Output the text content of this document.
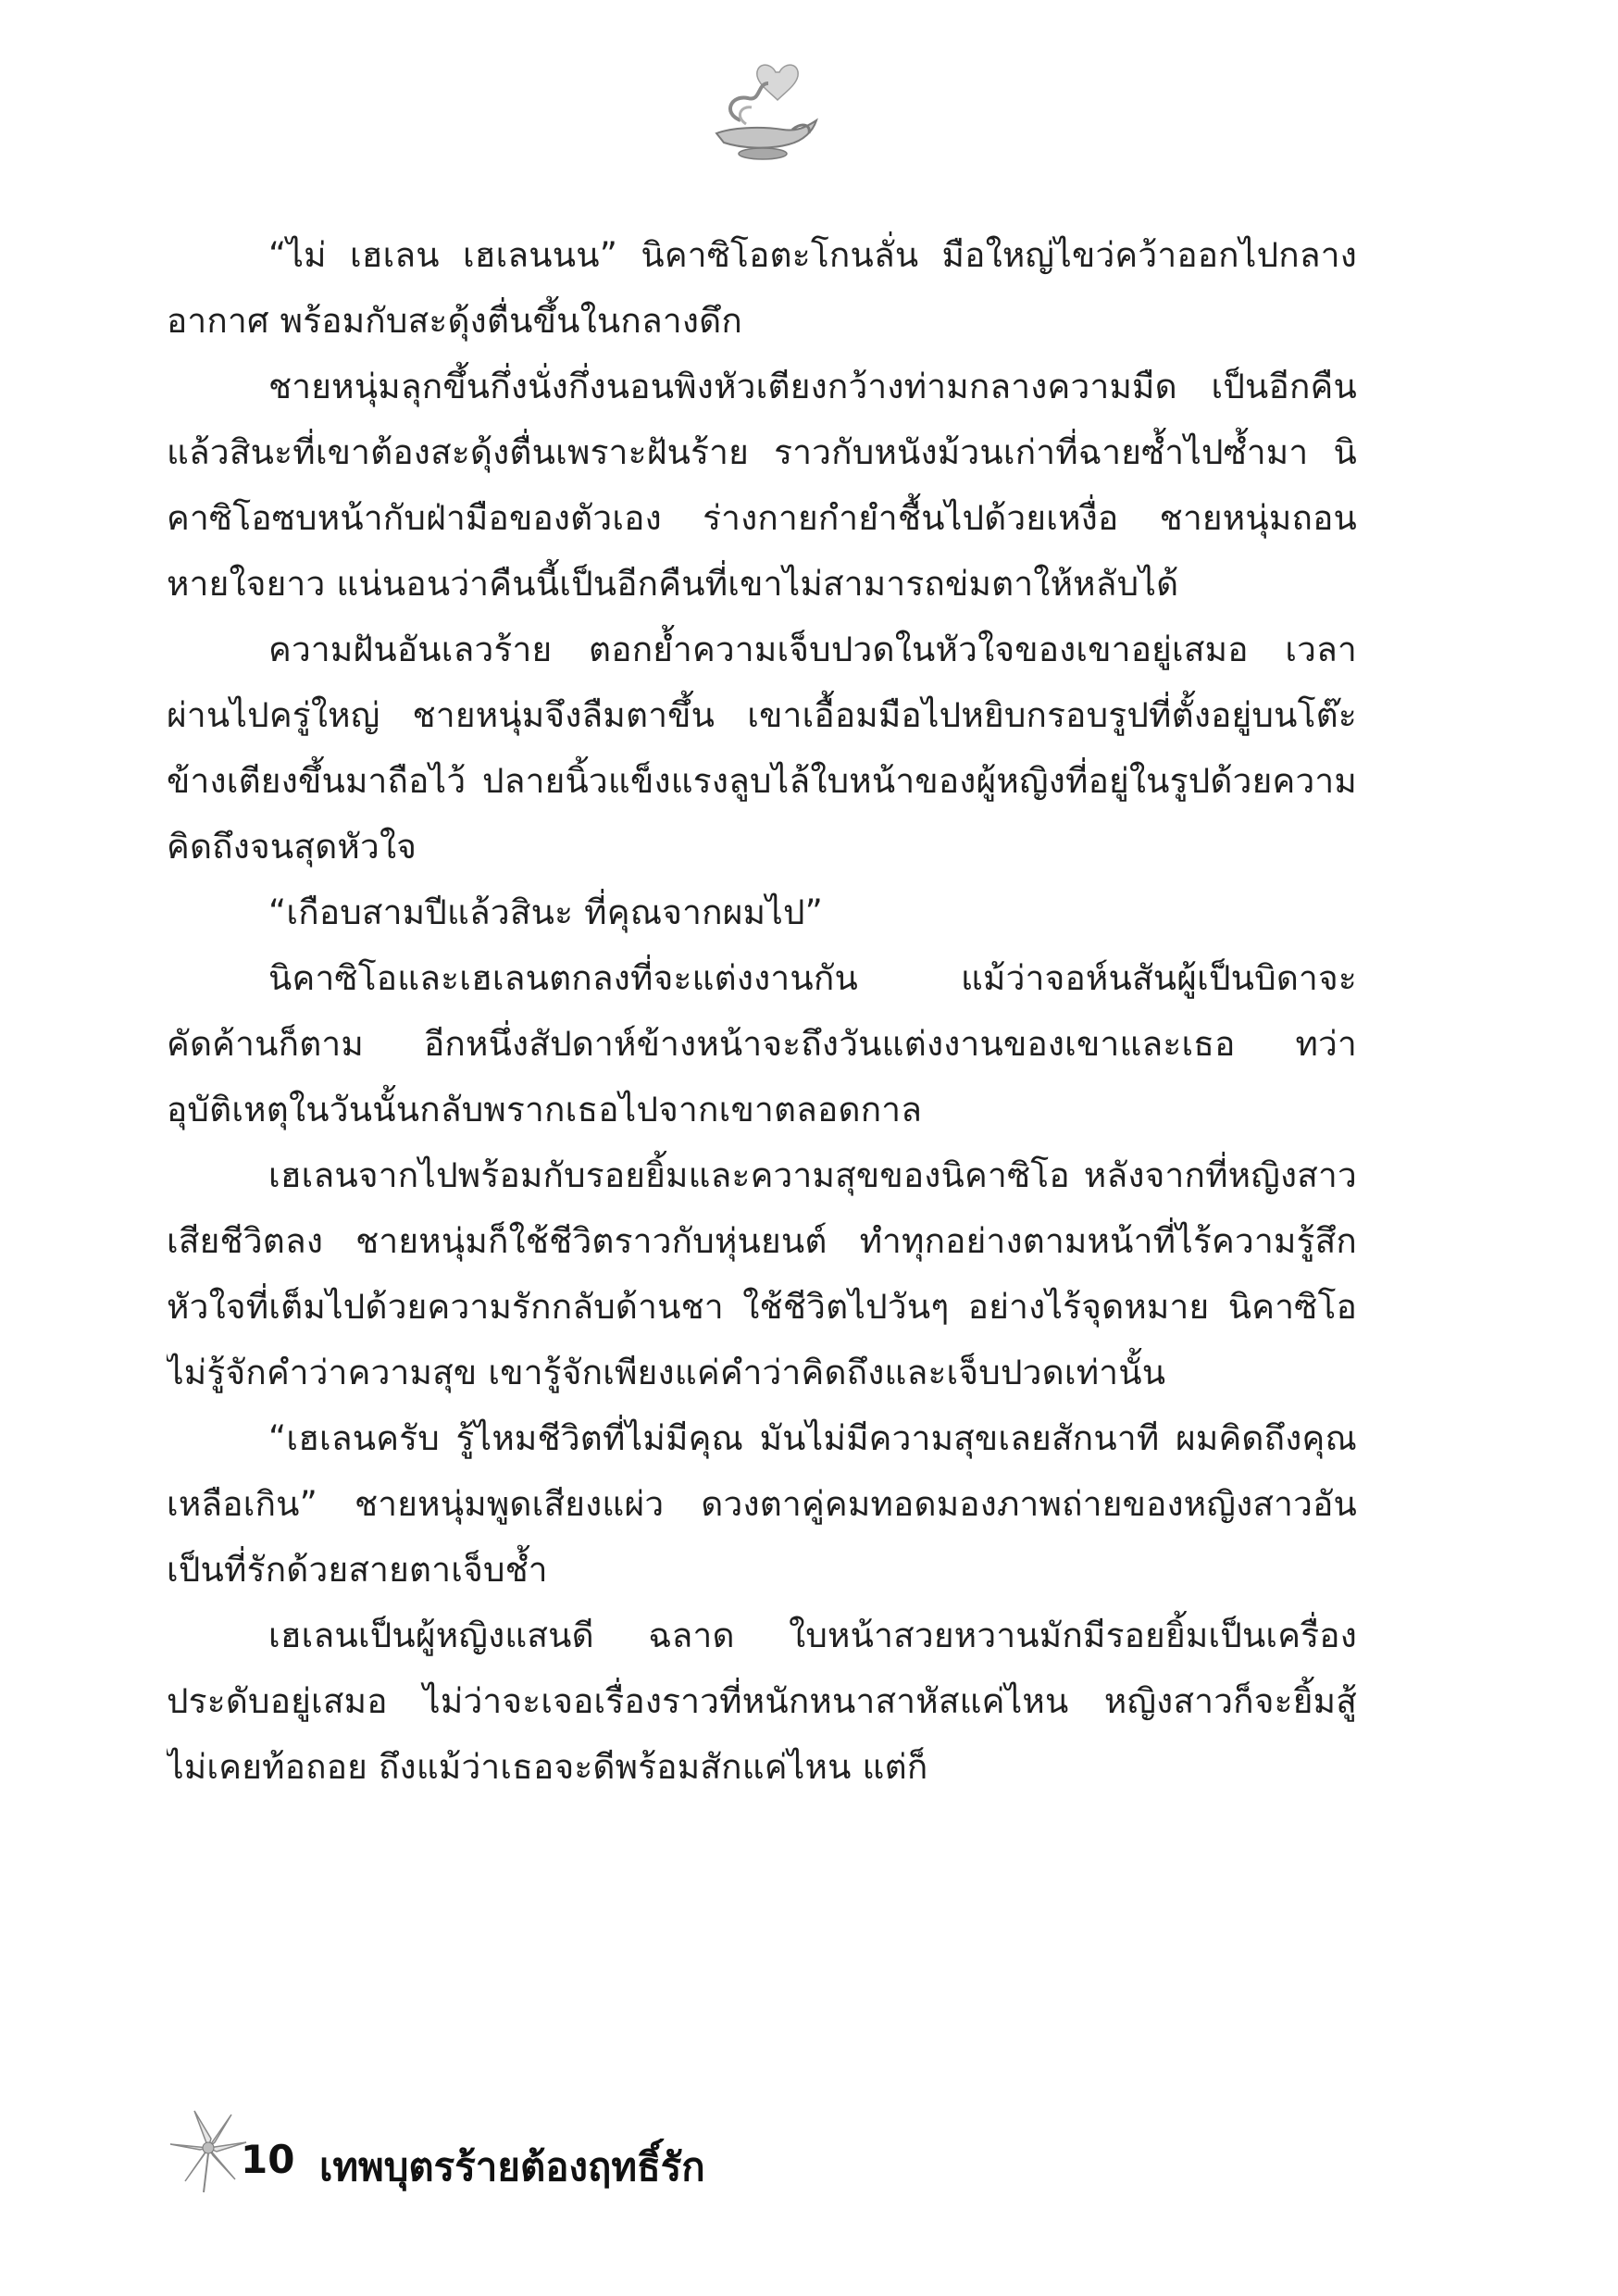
“ไม่ เฮเลน เฮเลนนน” นิคาซิโอตะโกนลั่น มือใหญ่ไขว่คว้าออกไปกลางอากาศ พร้อมกับสะดุ้งตื่นขึ้นในกลางดึก

ชายหนุ่มลุกขึ้นกึ่งนั่งกึ่งนอนพิงหัวเตียงกว้างท่ามกลางความมืด เป็นอีกคืนแล้วสินะที่เขาต้องสะดุ้งตื่นเพราะฝันร้าย ราวกับหนังม้วนเก่าที่ฉายซ้ำไปซ้ำมา นิคาซิโอซบหน้ากับฝ่ามือของตัวเอง ร่างกายกำยำชื้นไปด้วยเหงื่อ ชายหนุ่มถอนหายใจยาว แน่นอนว่าคืนนี้เป็นอีกคืนที่เขาไม่สามารถข่มตาให้หลับได้

ความฝันอันเลวร้าย ตอกย้ำความเจ็บปวดในหัวใจของเขาอยู่เสมอ เวลาผ่านไปครู่ใหญ่ ชายหนุ่มจึงลืมตาขึ้น เขาเอื้อมมือไปหยิบกรอบรูปที่ตั้งอยู่บนโต๊ะข้างเตียงขึ้นมาถือไว้ ปลายนิ้วแข็งแรงลูบไล้ใบหน้าของผู้หญิงที่อยู่ในรูปด้วยความคิดถึงจนสุดหัวใจ

“เกือบสามปีแล้วสินะ ที่คุณจากผมไป”

นิคาซิโอและเฮเลนตกลงที่จะแต่งงานกัน แม้ว่าจอห์นสันผู้เป็นบิดาจะคัดค้านก็ตาม อีกหนึ่งสัปดาห์ข้างหน้าจะถึงวันแต่งงานของเขาและเธอ ทว่าอุบัติเหตุในวันนั้นกลับพรากเธอไปจากเขาตลอดกาล

เฮเลนจากไปพร้อมกับรอยยิ้มและความสุขของนิคาซิโอ หลังจากที่หญิงสาวเสียชีวิตลง ชายหนุ่มก็ใช้ชีวิตราวกับหุ่นยนต์ ทำทุกอย่างตามหน้าที่ไร้ความรู้สึก หัวใจที่เต็มไปด้วยความรักกลับด้านชา ใช้ชีวิตไปวันๆ อย่างไร้จุดหมาย นิคาซิโอไม่รู้จักคำว่าความสุข เขารู้จักเพียงแค่คำว่าคิดถึงและเจ็บปวดเท่านั้น

“เฮเลนครับ รู้ไหมชีวิตที่ไม่มีคุณ มันไม่มีความสุขเลยสักนาที ผมคิดถึงคุณเหลือเกิน” ชายหนุ่มพูดเสียงแผ่ว ดวงตาคู่คมทอดมองภาพถ่ายของหญิงสาวอันเป็นที่รักด้วยสายตาเจ็บช้ำ

เฮเลนเป็นผู้หญิงแสนดี ฉลาด ใบหน้าสวยหวานมักมีรอยยิ้มเป็นเครื่องประดับอยู่เสมอ ไม่ว่าจะเจอเรื่องราวที่หนักหนาสาหัสแค่ไหน หญิงสาวก็จะยิ้มสู้ ไม่เคยท้อถอย ถึงแม้ว่าเธอจะดีพร้อมสักแค่ไหน แต่ก็

10 เทพบุตรร้ายต้องฤทธิ์รัก
